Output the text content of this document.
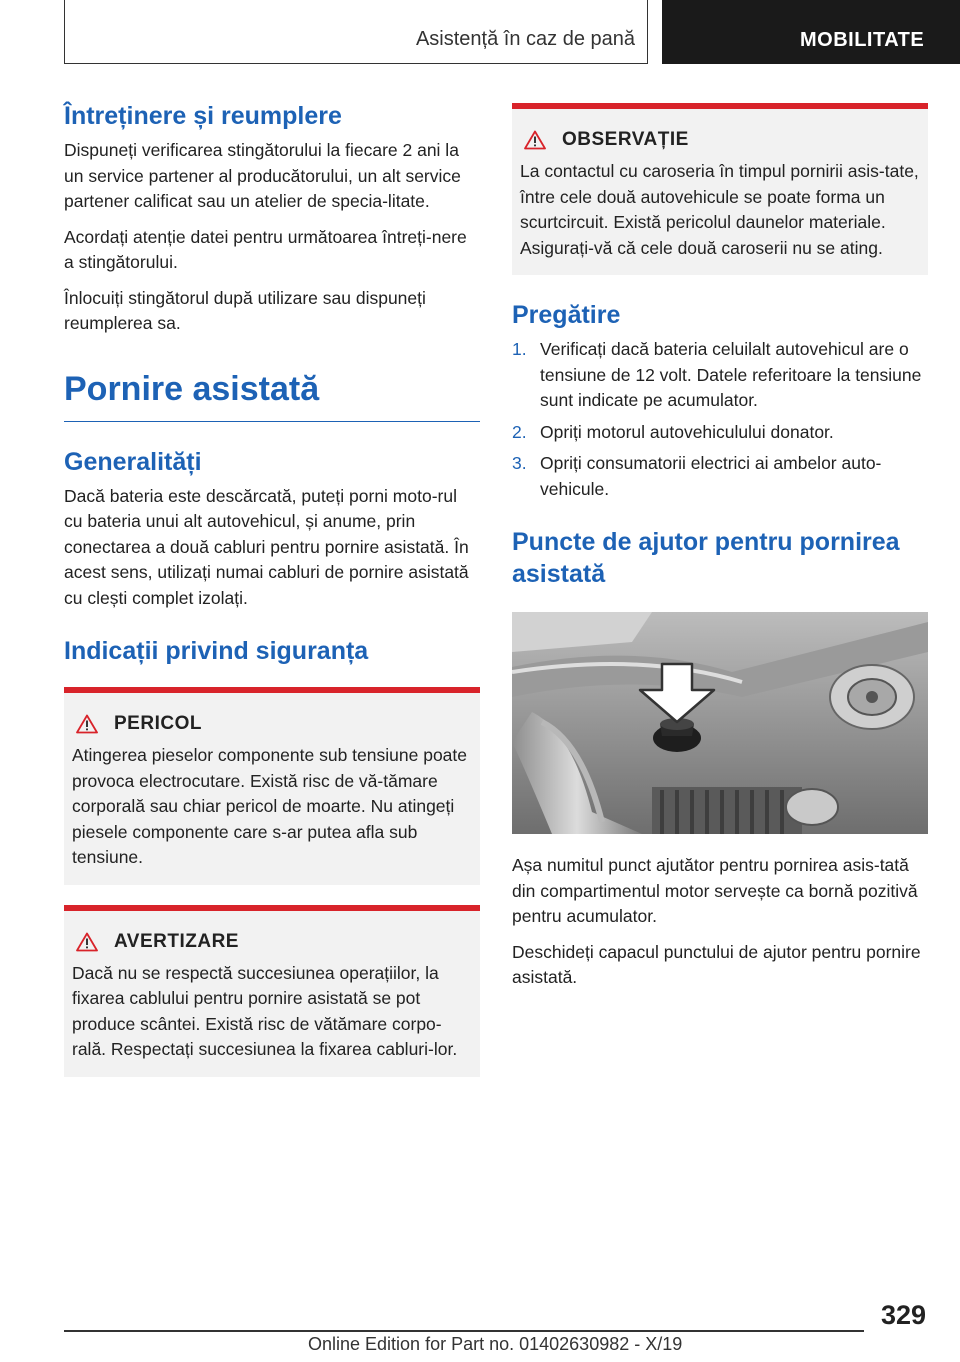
Asistență în caz de pană	MOBILITATE
Întreținere și reumplere

Dispuneți verificarea stingătorului la fiecare 2 ani la un service partener al producătorului, un alt service partener calificat sau un atelier de specia-litate.

Acordați atenție datei pentru următoarea întreți-nere a stingătorului.

Înlocuiți stingătorul după utilizare sau dispuneți reumplerea sa.

Pornire asistată
Generalități

Dacă bateria este descărcată, puteți porni moto-rul cu bateria unui alt autovehicul, și anume, prin conectarea a două cabluri pentru pornire asistată. În acest sens, utilizați numai cabluri de pornire asistată cu clești complet izolați.

Indicații privind siguranța
PERICOL

Atingerea pieselor componente sub tensiune poate provoca electrocutare. Există risc de vă-tămare corporală sau chiar pericol de moarte. Nu atingeți piesele componente care s-ar putea afla sub tensiune.

AVERTIZARE

Dacă nu se respectă succesiunea operațiilor, la fixarea cablului pentru pornire asistată se pot produce scântei. Există risc de vătămare corpo-rală. Respectați succesiunea la fixarea cabluri-lor.

OBSERVAȚIE

La contactul cu caroseria în timpul pornirii asis-tate, între cele două autovehicule se poate forma un scurtcircuit. Există pericolul daunelor materiale. Asigurați-vă că cele două caroserii nu se ating.

Pregătire
1. Verificați dacă bateria celuilalt autovehicul are o tensiune de 12 volt. Datele referitoare la tensiune sunt indicate pe acumulator.
2. Opriți motorul autovehiculului donator.
3. Opriți consumatorii electrici ai ambelor auto-vehicule.
Puncte de ajutor pentru pornirea asistată

Așa numitul punct ajutător pentru pornirea asis-tată din compartimentul motor servește ca bornă pozitivă pentru acumulator.

Deschideți capacul punctului de ajutor pentru pornire asistată.

329
Online Edition for Part no. 01402630982 - X/19
